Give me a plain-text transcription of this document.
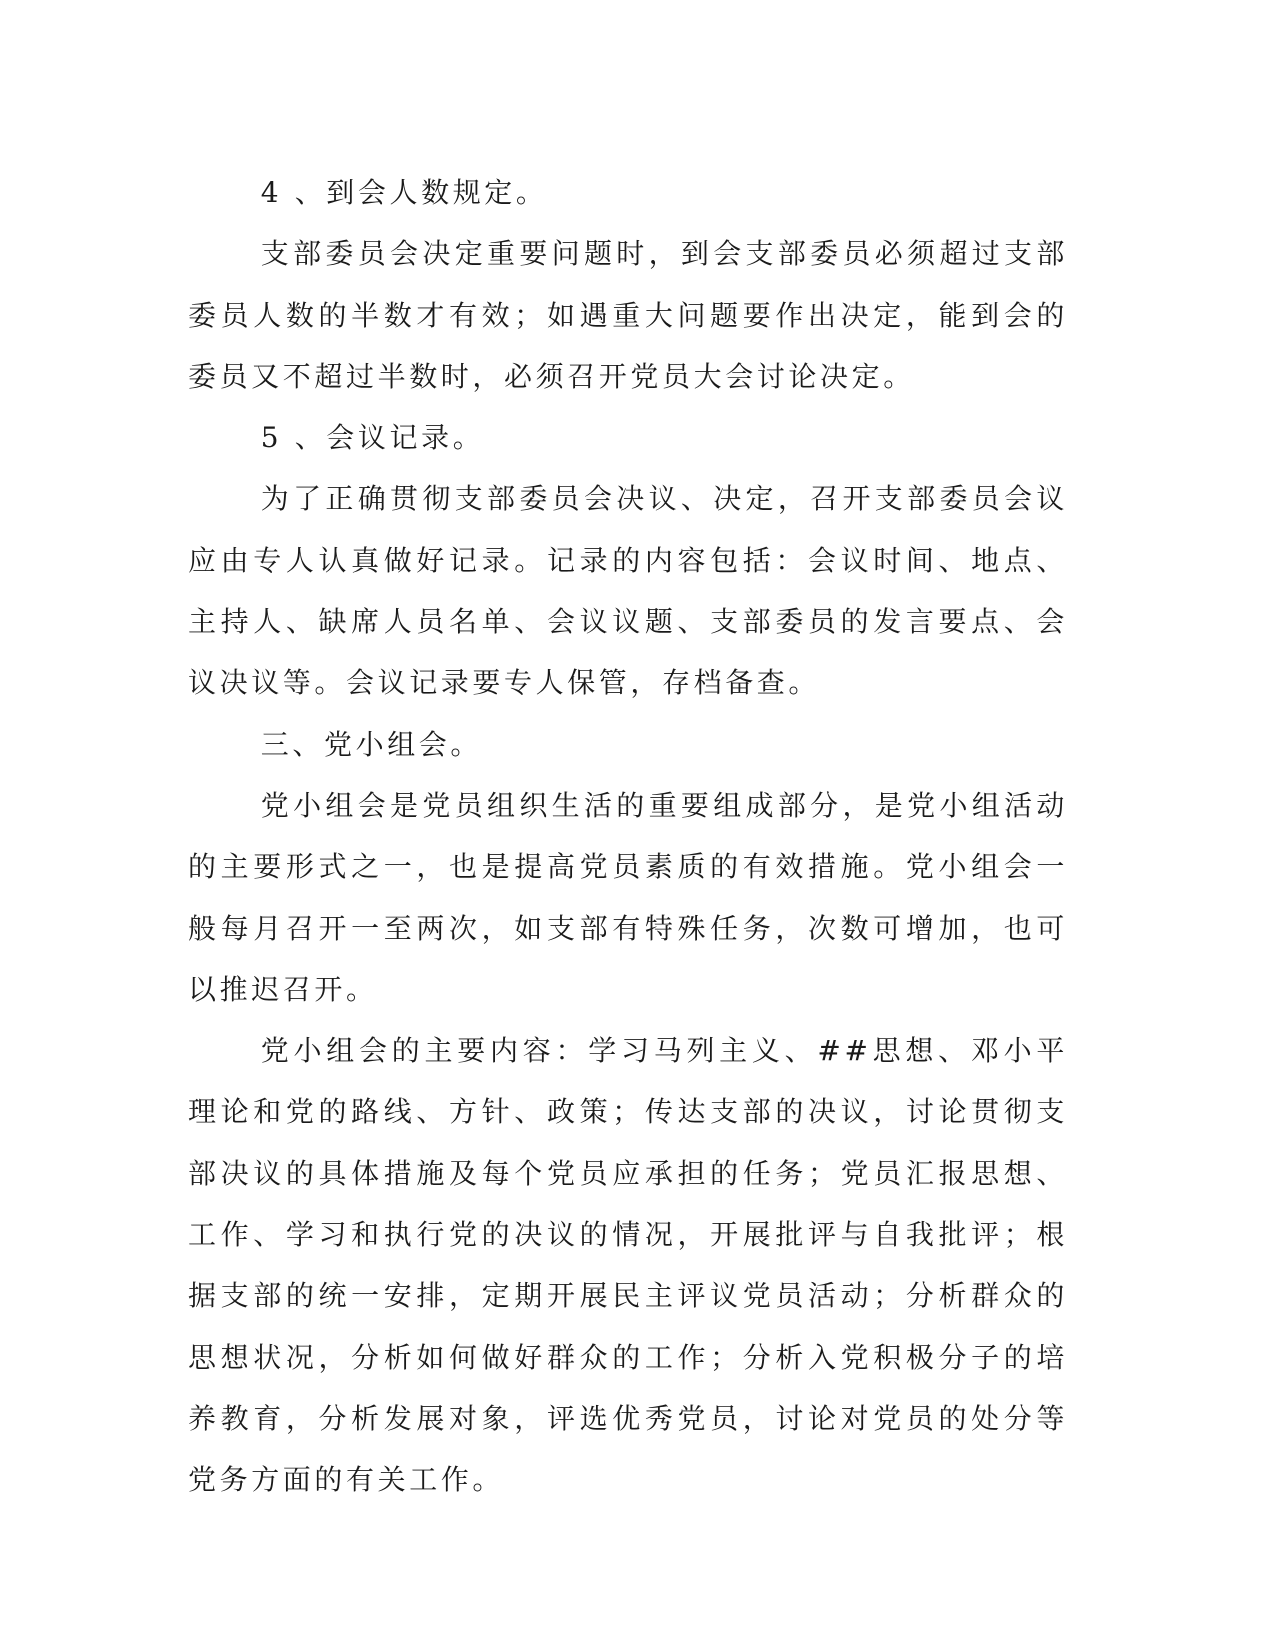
4 、到会人数规定。

支部委员会决定重要问题时，到会支部委员必须超过支部委员人数的半数才有效；如遇重大问题要作出决定，能到会的委员又不超过半数时，必须召开党员大会讨论决定。

5 、会议记录。

为了正确贯彻支部委员会决议、决定，召开支部委员会议应由专人认真做好记录。记录的内容包括：会议时间、地点、主持人、缺席人员名单、会议议题、支部委员的发言要点、会议决议等。会议记录要专人保管，存档备查。

三、党小组会。

党小组会是党员组织生活的重要组成部分，是党小组活动的主要形式之一，也是提高党员素质的有效措施。党小组会一般每月召开一至两次，如支部有特殊任务，次数可增加，也可以推迟召开。

党小组会的主要内容：学习马列主义、##思想、邓小平理论和党的路线、方针、政策；传达支部的决议，讨论贯彻支部决议的具体措施及每个党员应承担的任务；党员汇报思想、工作、学习和执行党的决议的情况，开展批评与自我批评；根据支部的统一安排，定期开展民主评议党员活动；分析群众的思想状况，分析如何做好群众的工作；分析入党积极分子的培养教育，分析发展对象，评选优秀党员，讨论对党员的处分等党务方面的有关工作。
